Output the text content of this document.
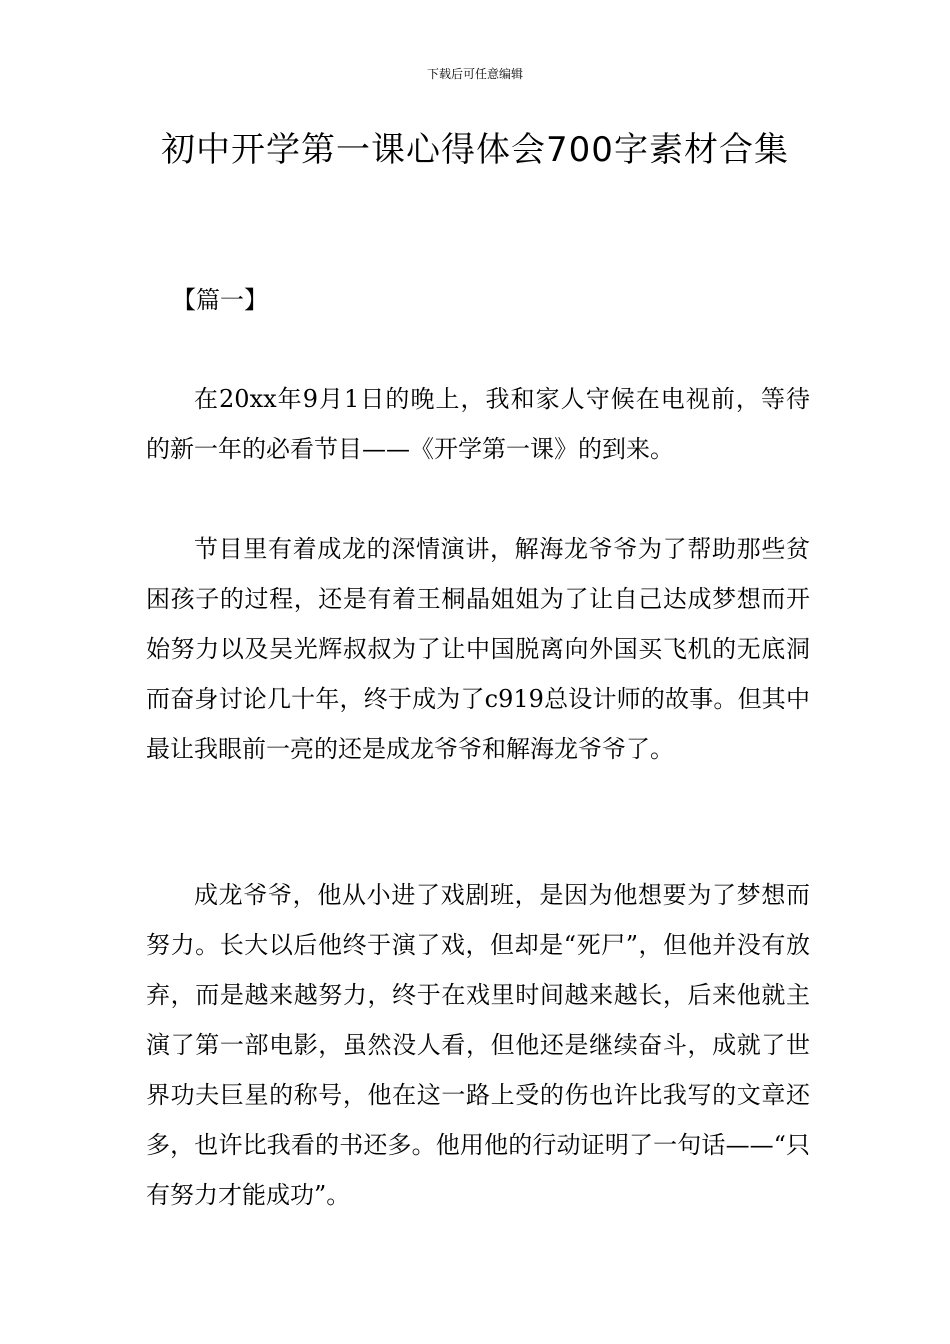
下载后可任意编辑
初中开学第一课心得体会700字素材合集
【篇一】

在20xx年9月1日的晚上，我和家人守候在电视前，等待的新一年的必看节目——《开学第一课》的到来。

节目里有着成龙的深情演讲，解海龙爷爷为了帮助那些贫困孩子的过程，还是有着王桐晶姐姐为了让自己达成梦想而开始努力以及吴光辉叔叔为了让中国脱离向外国买飞机的无底洞而奋身讨论几十年，终于成为了c919总设计师的故事。但其中最让我眼前一亮的还是成龙爷爷和解海龙爷爷了。

成龙爷爷，他从小进了戏剧班，是因为他想要为了梦想而努力。长大以后他终于演了戏，但却是“死尸”，但他并没有放弃，而是越来越努力，终于在戏里时间越来越长，后来他就主演了第一部电影，虽然没人看，但他还是继续奋斗，成就了世界功夫巨星的称号，他在这一路上受的伤也许比我写的文章还多，也许比我看的书还多。他用他的行动证明了一句话——“只有努力才能成功”。
